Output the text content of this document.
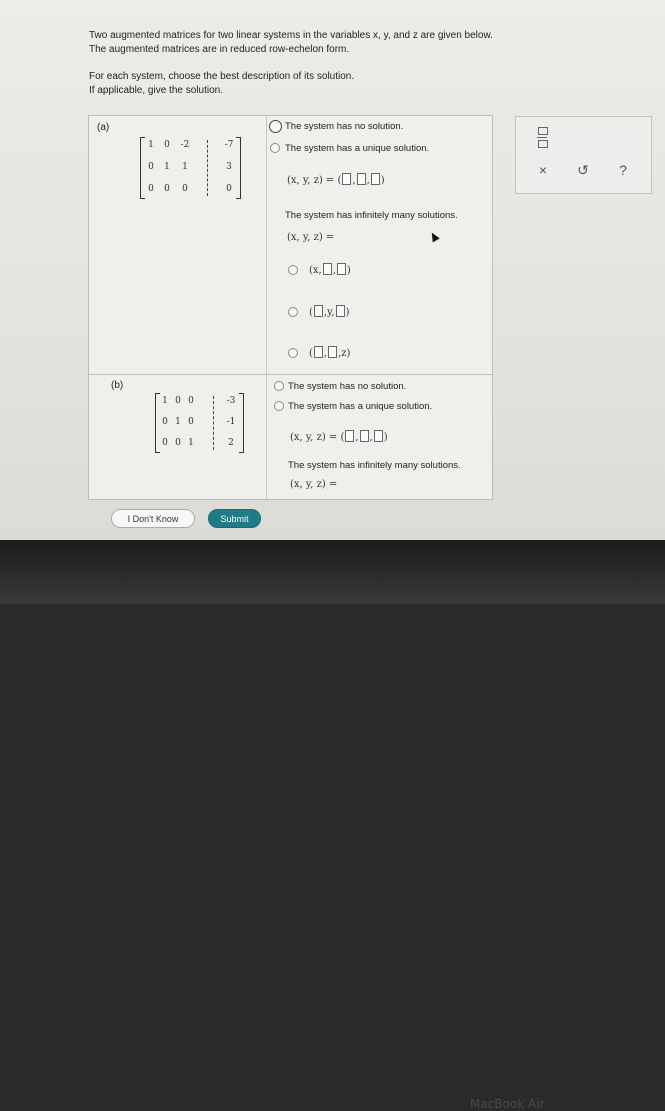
Two augmented matrices for two linear systems in the variables x, y, and z are given below.

The augmented matrices are in reduced row-echelon form.

For each system, choose the best description of its solution.

If applicable, give the solution.

(a)
1	0	-2	-7
0	1	1	3
0	0	0	0
The system has no solution.
The system has a unique solution.
(x, y, z) = ( , , )
The system has infinitely many solutions.
(x, y, z) =
(x, , )
( ,y, )
( , ,z)
(b)
1 0 0	-3
0 1 0	-1
0 0 1	2
The system has no solution.
The system has a unique solution.
(x, y, z) = ( , , )
The system has infinitely many solutions.
(x, y, z) =
×	↺	?
I Don't Know	Submit
MacBook Air
